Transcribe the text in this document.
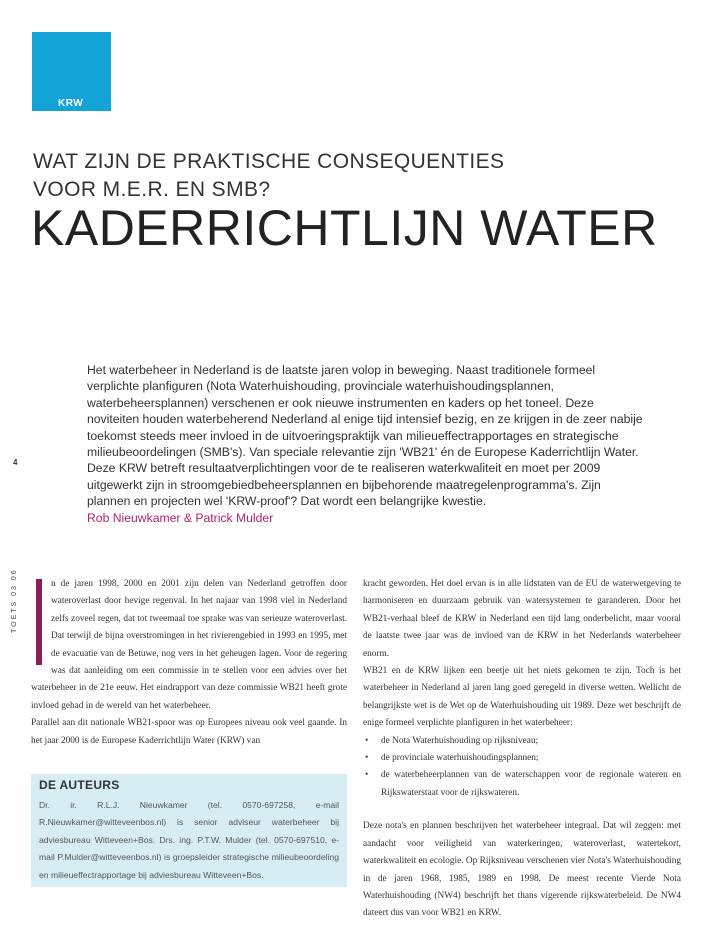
KRW
WAT ZIJN DE PRAKTISCHE CONSEQUENTIES
VOOR M.E.R. EN SMB?
KADERRICHTLIJN WATER

Het waterbeheer in Nederland is de laatste jaren volop in beweging. Naast traditionele formeel verplichte planfiguren (Nota Waterhuishouding, provinciale waterhuishoudingsplannen, waterbeheersplannen) verschenen er ook nieuwe instrumenten en kaders op het toneel. Deze noviteiten houden waterbeherend Nederland al enige tijd intensief bezig, en ze krijgen in de zeer nabije toekomst steeds meer invloed in de uitvoeringspraktijk van milieueffectrapportages en strategische milieubeoordelingen (SMB's). Van speciale relevantie zijn 'WB21' én de Europese Kaderrichtlijn Water. Deze KRW betreft resultaatverplichtingen voor de te realiseren waterkwaliteit en moet per 2009 uitgewerkt zijn in stroomgebiedbeheersplannen en bijbehorende maatregelenprogramma's. Zijn plannen en projecten wel 'KRW-proof'? Dat wordt een belangrijke kwestie.

Rob Nieuwkamer & Patrick Mulder

4
TOETS 03 06	n de jaren 1998, 2000 en 2001 zijn delen van Nederland getroffen door wateroverlast door hevige regenval. In het najaar van 1998 viel in Nederland zelfs zoveel regen, dat tot tweemaal toe sprake was van serieuze wateroverlast. Dat terwijl de bijna overstromingen in het rivierengebied in 1993 en 1995, met de evacuatie van de Betuwe, nog vers in het geheugen lagen. Voor de regering was dat aanleiding om een commissie in te stellen voor een advies over het waterbeheer in de 21e eeuw. Het eindrapport van deze commissie WB21 heeft grote invloed gehad in de wereld van het waterbeheer.

Parallel aan dit nationale WB21-spoor was op Europees niveau ook veel gaande. In het jaar 2000 is de Europese Kaderrichtlijn Water (KRW) van

kracht geworden. Het doel ervan is in alle lidstaten van de EU de waterwetgeving te harmoniseren en duurzaam gebruik van watersystemen te garanderen. Door het WB21-verhaal bleef de KRW in Nederland een tijd lang onderbelicht, maar vooral de laatste twee jaar was de invloed van de KRW in het Nederlands waterbeheer enorm.

WB21 en de KRW lijken een beetje uit het niets gekomen te zijn. Toch is het waterbeheer in Nederland al jaren lang goed geregeld in diverse wetten. Wellicht de belangrijkste wet is de Wet op de Waterhuishouding uit 1989. Deze wet beschrijft de enige formeel verplichte planfiguren in het waterbeheer:

• de Nota Waterhuishouding op rijksniveau;
• de provinciale waterhuishoudingsplannen;
• de waterbeheerplannen van de waterschappen voor de regionale wateren en Rijkswaterstaat voor de rijkswateren.

Deze nota's en plannen beschrijven het waterbeheer integraal. Dat wil zeggen: met aandacht voor veiligheid van waterkeringen, wateroverlast, watertekort, waterkwaliteit en ecologie. Op Rijksniveau verschenen vier Nota's Waterhuishouding in de jaren 1968, 1985, 1989 en 1998. De meest recente Vierde Nota Waterhuishouding (NW4) beschrijft het thans vigerende rijkswaterbeleid. De NW4 dateert dus van voor WB21 en KRW.

DE AUTEURS
Dr. ir. R.L.J. Nieuwkamer (tel. 0570-697258, e-mail R.Nieuwkamer@witteveenbos.nl) is senior adviseur waterbeheer bij adviesbureau Witteveen+Bos. Drs. ing. P.T.W. Mulder (tel. 0570-697510, e-mail P.Mulder@witteveenbos.nl) is groepsleider strategische milieubeoordeling en milieueffectrapportage bij adviesbureau Witteveen+Bos.
